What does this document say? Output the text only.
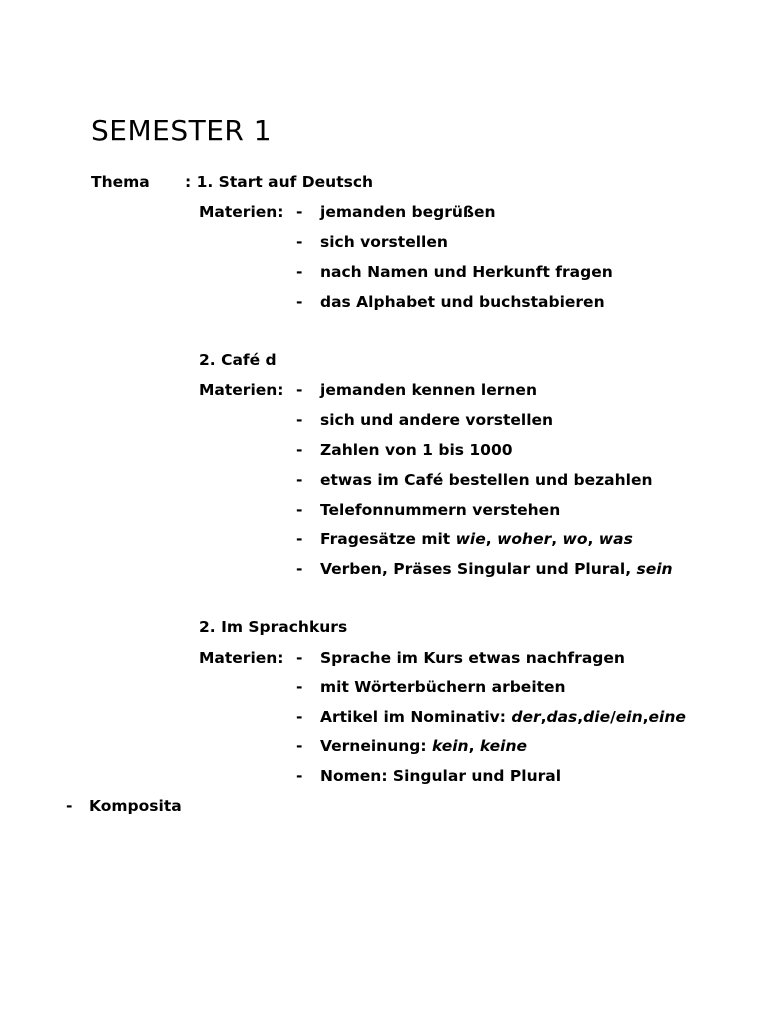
SEMESTER 1
Thema : 1. Start auf Deutsch
Materien: - jemanden begrüßen
- sich vorstellen
- nach Namen und Herkunft fragen
- das Alphabet und buchstabieren
2. Café d
Materien: - jemanden kennen lernen
- sich und andere vorstellen
- Zahlen von 1 bis 1000
- etwas im Café bestellen und bezahlen
- Telefonnummern verstehen
- Fragesätze mit wie, woher, wo, was
- Verben, Präses Singular und Plural, sein
2. Im Sprachkurs
Materien: - Sprache im Kurs etwas nachfragen
- mit Wörterbüchern arbeiten
- Artikel im Nominativ: der,das,die/ein,eine
- Verneinung: kein, keine
- Nomen: Singular und Plural
- Komposita
